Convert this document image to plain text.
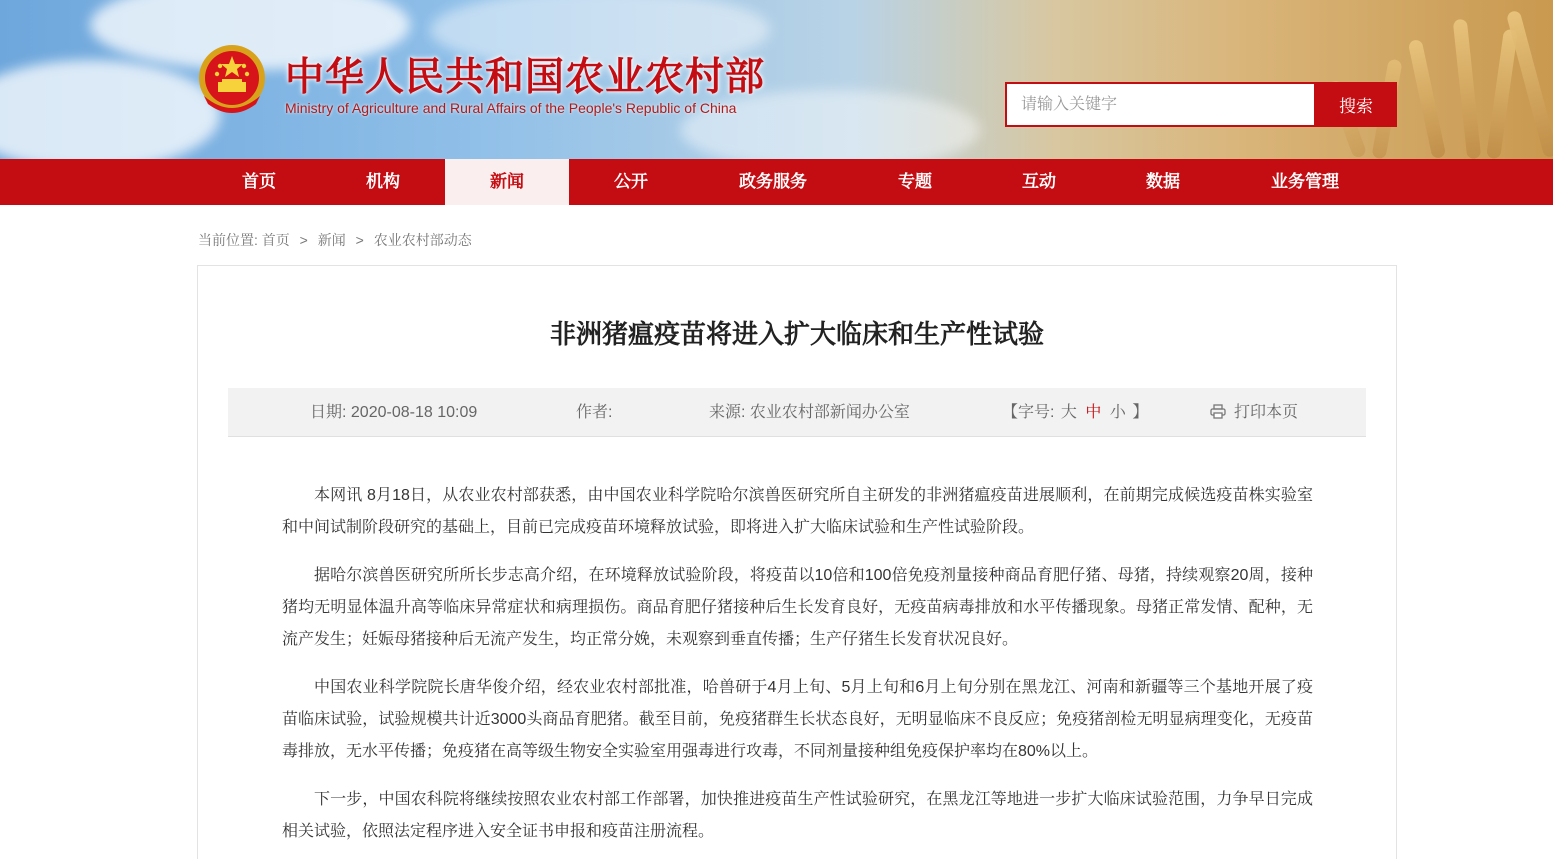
中华人民共和国农业农村部
Ministry of Agriculture and Rural Affairs of the People's Republic of China
请输入关键字	搜索
首页	机构	新闻	公开	政务服务	专题	互动	数据	业务管理
当前位置: 首页 > 新闻 > 农业农村部动态
非洲猪瘟疫苗将进入扩大临床和生产性试验
日期: 2020-08-18 10:09	作者:	来源: 农业农村部新闻办公室	【字号: 大 中 小 】	打印本页

本网讯 8月18日，从农业农村部获悉，由中国农业科学院哈尔滨兽医研究所自主研发的非洲猪瘟疫苗进展顺利，在前期完成候选疫苗株实验室和中间试制阶段研究的基础上，目前已完成疫苗环境释放试验，即将进入扩大临床试验和生产性试验阶段。

据哈尔滨兽医研究所所长步志高介绍，在环境释放试验阶段，将疫苗以10倍和100倍免疫剂量接种商品育肥仔猪、母猪，持续观察20周，接种猪均无明显体温升高等临床异常症状和病理损伤。商品育肥仔猪接种后生长发育良好，无疫苗病毒排放和水平传播现象。母猪正常发情、配种，无流产发生；妊娠母猪接种后无流产发生，均正常分娩，未观察到垂直传播；生产仔猪生长发育状况良好。

中国农业科学院院长唐华俊介绍，经农业农村部批准，哈兽研于4月上旬、5月上旬和6月上旬分别在黑龙江、河南和新疆等三个基地开展了疫苗临床试验，试验规模共计近3000头商品育肥猪。截至目前，免疫猪群生长状态良好，无明显临床不良反应；免疫猪剖检无明显病理变化，无疫苗毒排放，无水平传播；免疫猪在高等级生物安全实验室用强毒进行攻毒，不同剂量接种组免疫保护率均在80%以上。

下一步，中国农科院将继续按照农业农村部工作部署，加快推进疫苗生产性试验研究，在黑龙江等地进一步扩大临床试验范围，力争早日完成相关试验，依照法定程序进入安全证书申报和疫苗注册流程。
